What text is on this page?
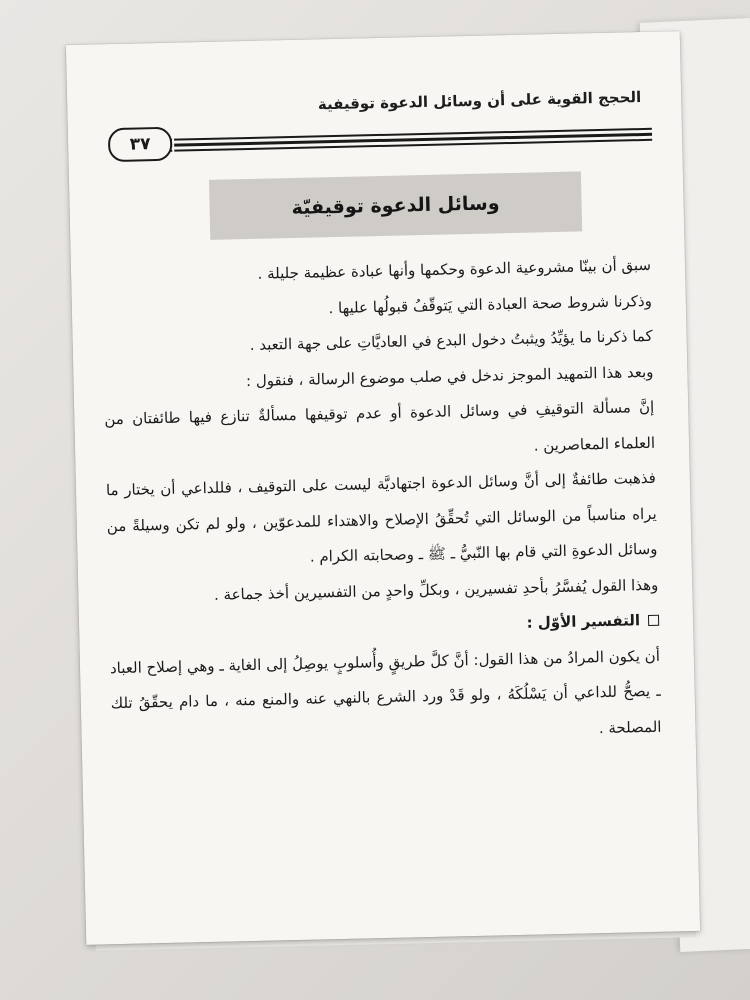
الحجج القوية على أن وسائل الدعوة توقيفية
٣٧
وسائل الدعوة توقيفيّة

سبق أن بينّا مشروعية الدعوة وحكمها وأنها عبادة عظيمة جليلة .

وذكرنا شروط صحة العبادة التي يَتوقّفُ قبولُها عليها .

كما ذكرنا ما يؤيِّدُ ويثبتُ دخول البدع في العاديَّاتِ على جهة التعبد .

وبعد هذا التمهيد الموجز ندخل في صلب موضوع الرسالة ، فنقول :

إنَّ مسألة التوقيفِ في وسائل الدعوة أو عدم توقيفها مسألةٌ تنازع فيها طائفتان من العلماء المعاصرين .

فذهبت طائفةٌ إلى أنَّ وسائل الدعوة اجتهاديَّة ليست على التوقيف ، فللداعي أن يختار ما يراه مناسباً من الوسائل التي تُحقِّقُ الإصلاح والاهتداء للمدعوّين ، ولو لم تكن وسيلةً من وسائل الدعوةِ التي قام بها النّبيُّ ـ ﷺ ـ وصحابته الكرام .

وهذا القول يُفسَّرُ بأحدِ تفسيرين ، وبكلِّ واحدٍ من التفسيرين أخذ جماعة .

التفسير الأوّل :

أن يكون المرادُ من هذا القول: أنَّ كلَّ طريقٍ وأُسلوبٍ يوصِلُ إلى الغاية ـ وهي إصلاح العباد ـ يصحُّ للداعي أن يَسْلُكَهُ ، ولو قَدْ ورد الشرع بالنهي عنه والمنع منه ، ما دام يحقّقُ تلك المصلحة .
